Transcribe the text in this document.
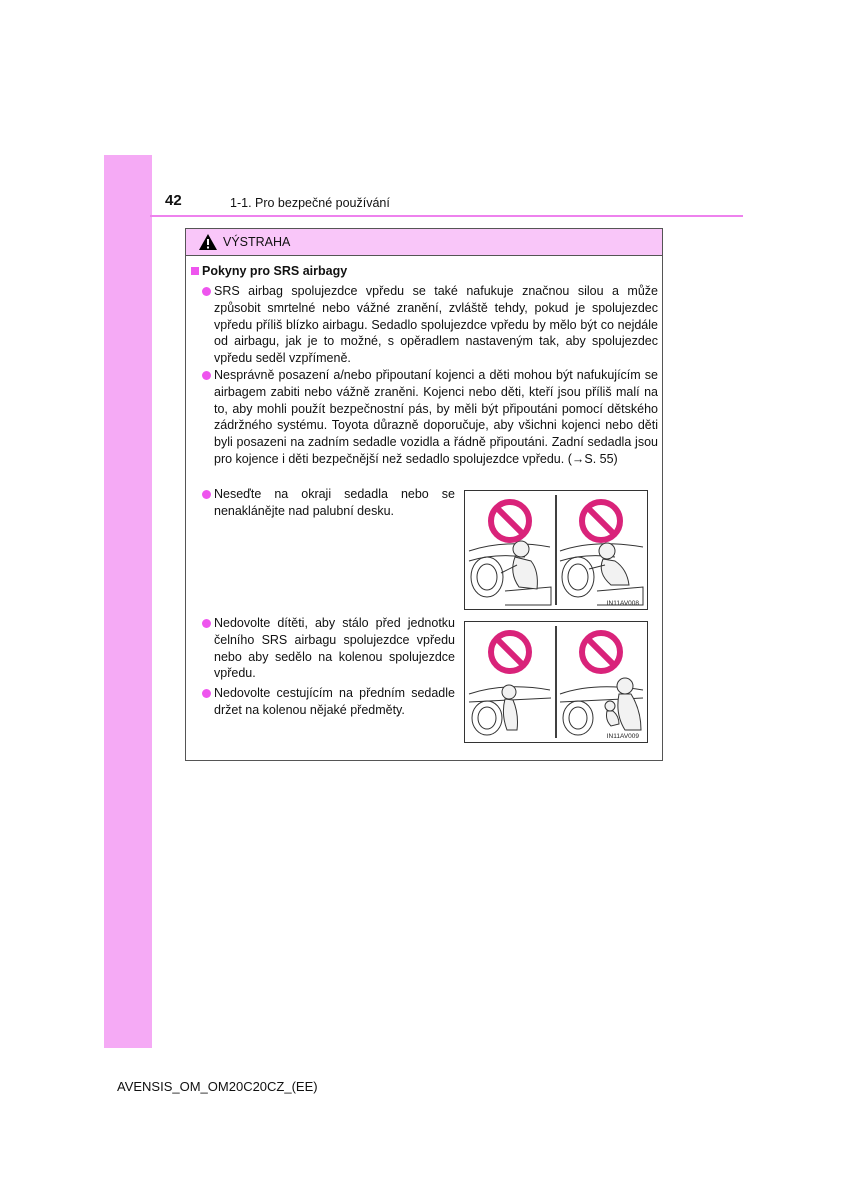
42	1-1. Pro bezpečné používání
VÝSTRAHA
Pokyny pro SRS airbagy
SRS airbag spolujezdce vpředu se také nafukuje značnou silou a může způsobit smrtelné nebo vážné zranění, zvláště tehdy, pokud je spolujezdec vpředu příliš blízko airbagu. Sedadlo spolujezdce vpředu by mělo být co nejdále od airbagu, jak je to možné, s opěradlem nastaveným tak, aby spolujezdec vpředu seděl vzpřímeně.
Nesprávně posazení a/nebo připoutaní kojenci a děti mohou být nafukujícím se airbagem zabiti nebo vážně zraněni. Kojenci nebo děti, kteří jsou příliš malí na to, aby mohli použít bezpečnostní pás, by měli být připoutáni pomocí dětského zádržného systému. Toyota důrazně doporučuje, aby všichni kojenci nebo děti byli posazeni na zadním sedadle vozidla a řádně připoutáni. Zadní sedadla jsou pro kojence i děti bezpečnější než sedadlo spolujezdce vpředu. (→S. 55)
Neseďte na okraji sedadla nebo se nenaklánějte nad palubní desku.
Nedovolte dítěti, aby stálo před jednotku čelního SRS airbagu spolujezdce vpředu nebo aby sedělo na kolenou spolujezdce vpředu.
Nedovolte cestujícím na předním sedadle držet na kolenou nějaké předměty.
IN11AV008
IN11AV009
AVENSIS_OM_OM20C20CZ_(EE)
